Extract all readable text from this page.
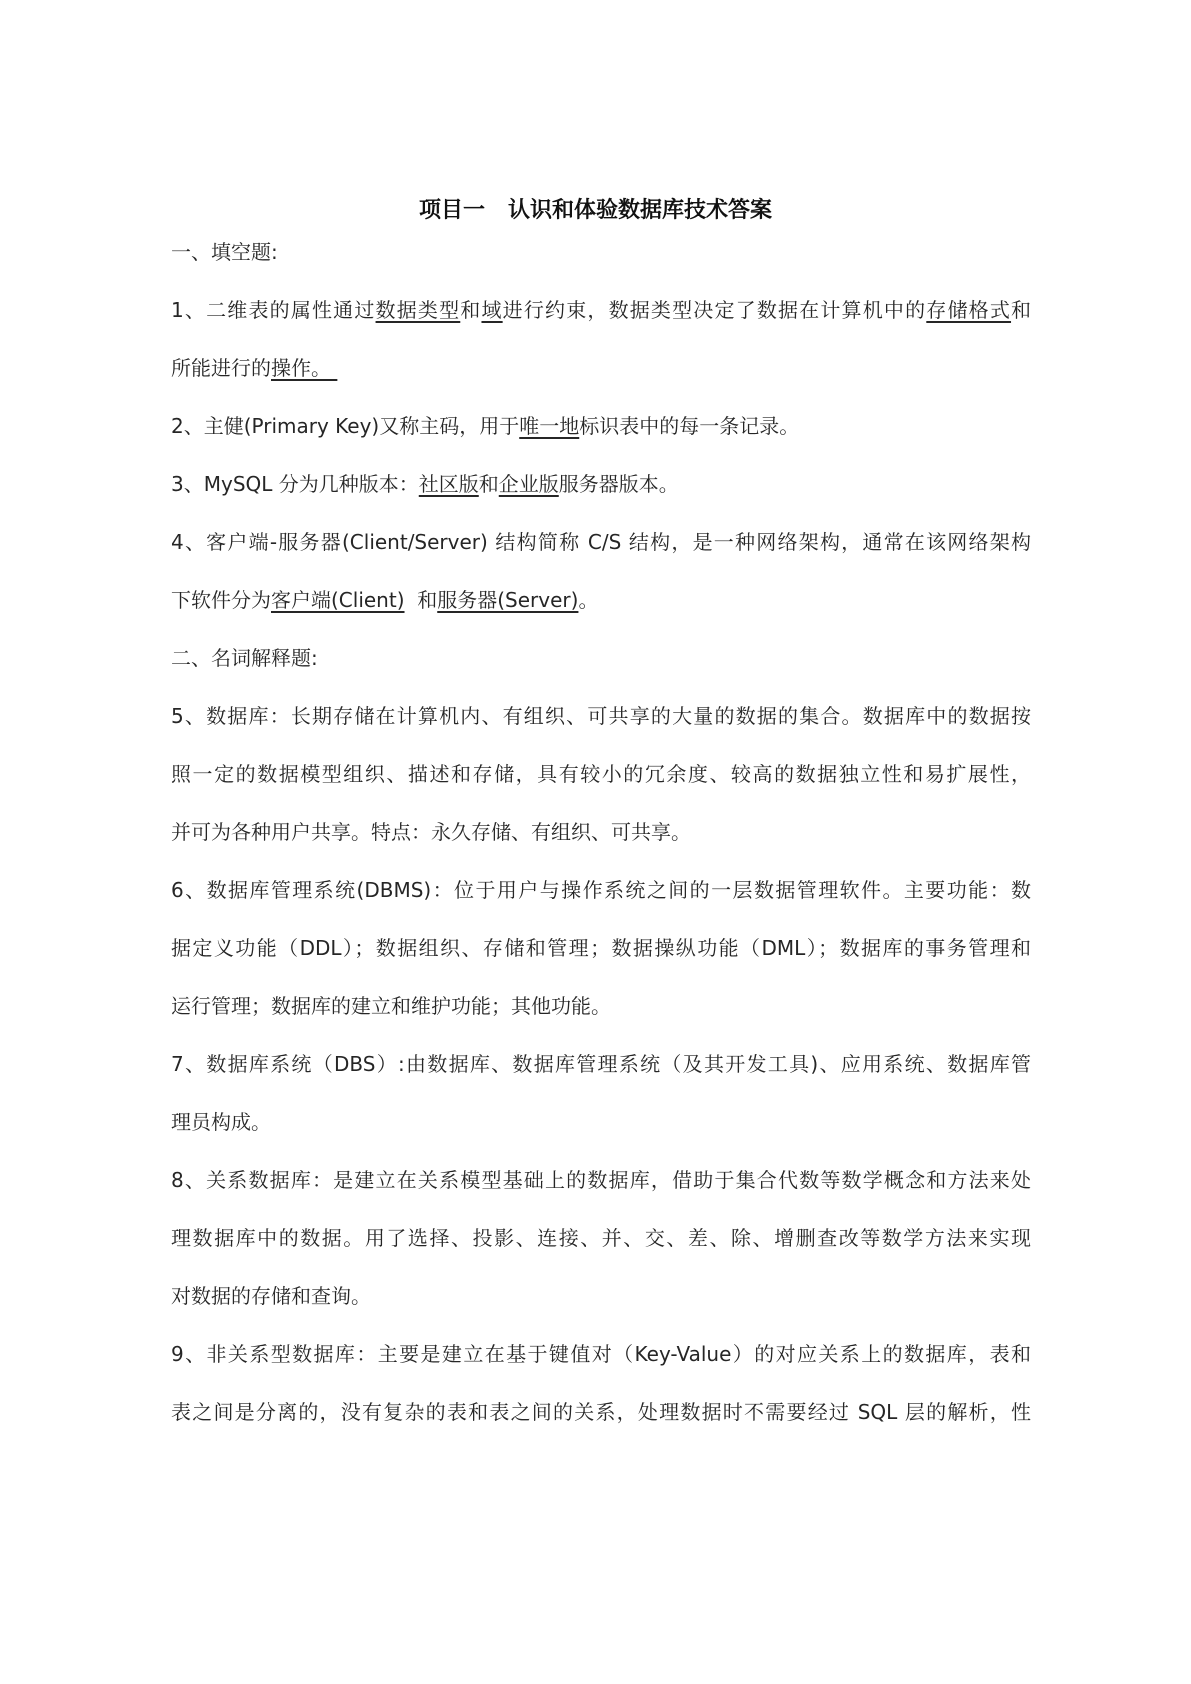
项目一   认识和体验数据库技术答案
一、填空题:
1、二维表的属性通过数据类型和域进行约束，数据类型决定了数据在计算机中的存储格式和
所能进行的操作。
2、主健(Primary Key)又称主码，用于唯一地标识表中的每一条记录。
3、MySQL 分为几种版本：社区版和企业版服务器版本。
4、客户端-服务器(Client/Server) 结构简称 C/S 结构，是一种网络架构，通常在该网络架构
下软件分为客户端(Client)  和服务器(Server)。
二、名词解释题:
5、数据库：长期存储在计算机内、有组织、可共享的大量的数据的集合。数据库中的数据按
照一定的数据模型组织、描述和存储，具有较小的冗余度、较高的数据独立性和易扩展性，
并可为各种用户共享。特点：永久存储、有组织、可共享。
6、数据库管理系统(DBMS)：位于用户与操作系统之间的一层数据管理软件。主要功能：数
据定义功能（DDL）；数据组织、存储和管理；数据操纵功能（DML）；数据库的事务管理和
运行管理；数据库的建立和维护功能；其他功能。
7、数据库系统（DBS）:由数据库、数据库管理系统（及其开发工具)、应用系统、数据库管
理员构成。
8、关系数据库：是建立在关系模型基础上的数据库，借助于集合代数等数学概念和方法来处
理数据库中的数据。用了选择、投影、连接、并、交、差、除、增删查改等数学方法来实现
对数据的存储和查询。
9、非关系型数据库：主要是建立在基于键值对（Key-Value）的对应关系上的数据库，表和
表之间是分离的，没有复杂的表和表之间的关系，处理数据时不需要经过 SQL 层的解析，性
